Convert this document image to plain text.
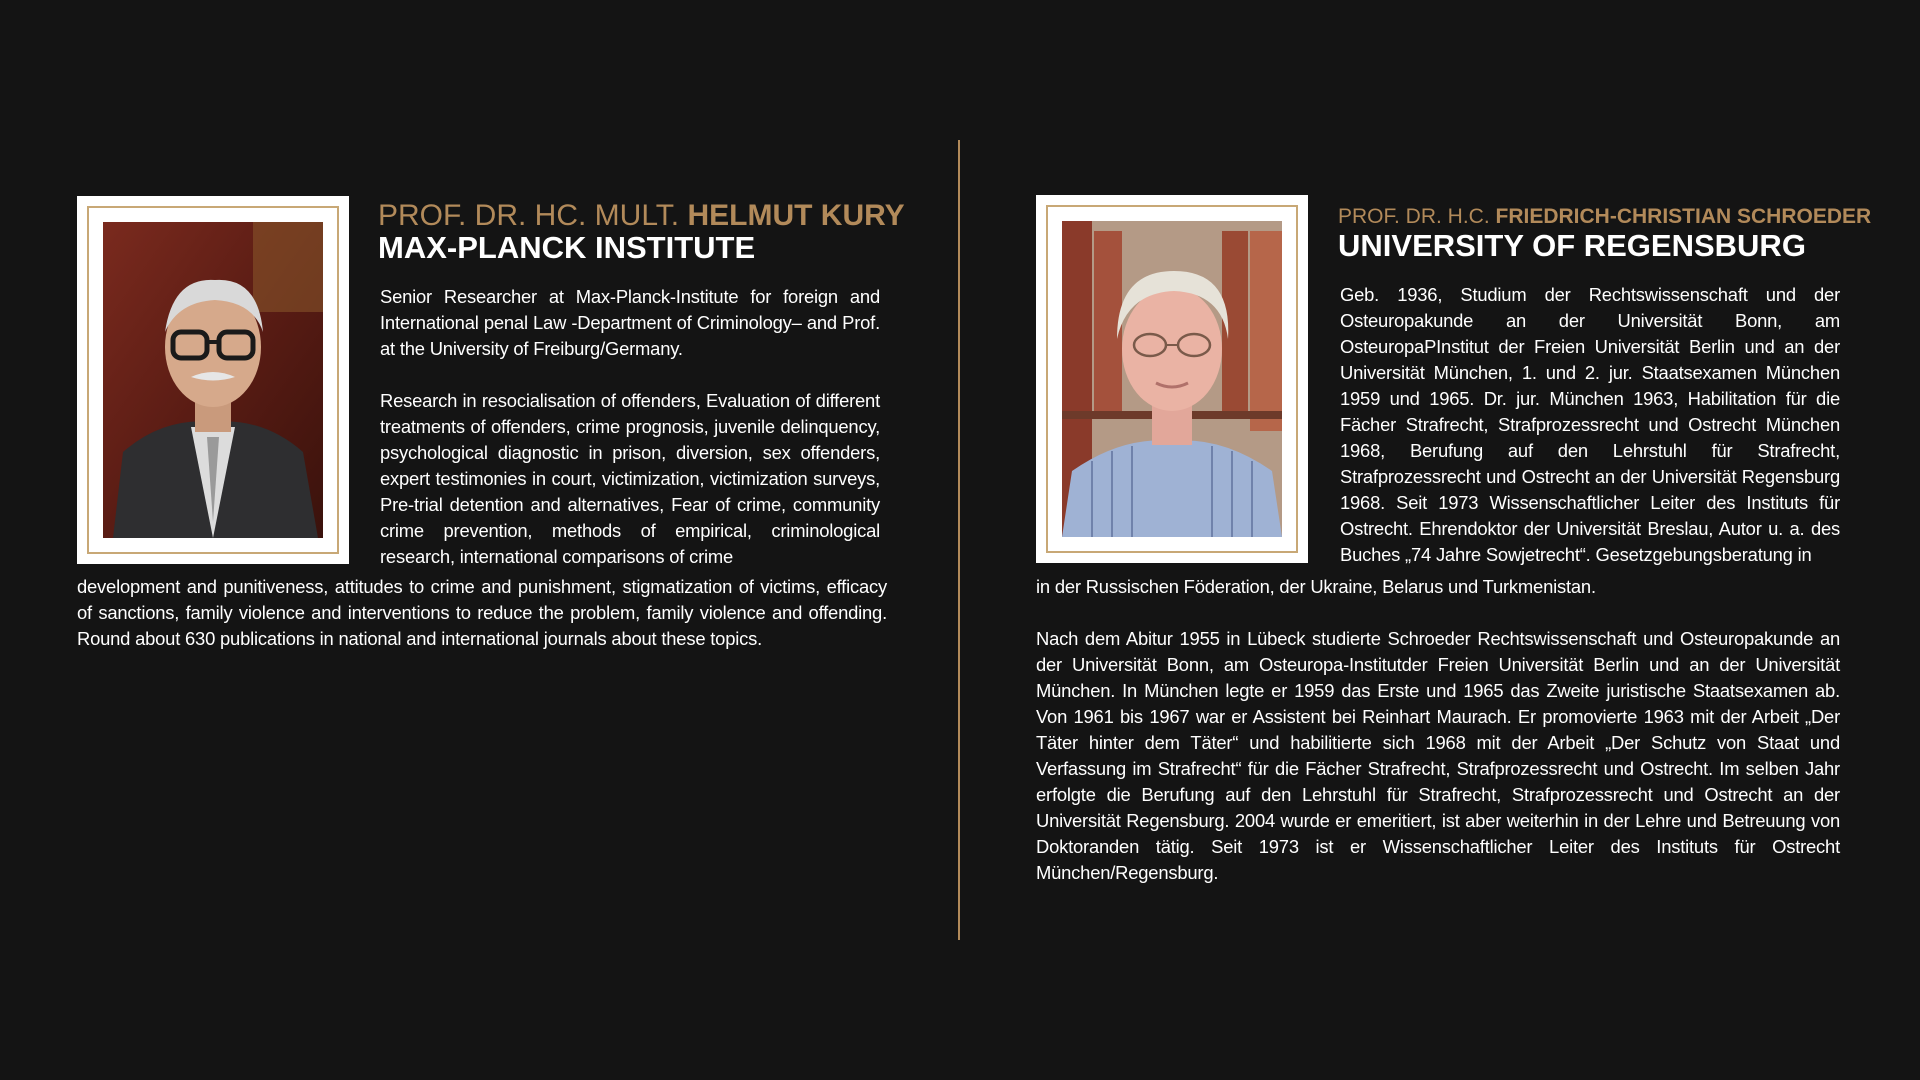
PROF. DR. HC. MULT. HELMUT KURY
MAX-PLANCK INSTITUTE

Senior Researcher at Max-Planck-Institute for foreign and International penal Law -Department of Criminology– and Prof. at the University of Freiburg/Germany.

Research in resocialisation of offenders, Evaluation of different treatments of offenders, crime prognosis, juvenile delinquency, psychological diagnostic in prison, diversion, sex offenders, expert testimonies in court, victimization, victimization surveys, Pre-trial detention and alternatives, Fear of crime, community crime prevention, methods of empirical, criminological research, international comparisons of crime

development and punitiveness, attitudes to crime and punishment, stigmatization of victims, efficacy of sanctions, family violence and interventions to reduce the problem, family violence and offending. Round about 630 publications in national and international journals about these topics.

PROF. DR. H.C. FRIEDRICH-CHRISTIAN SCHROEDER
UNIVERSITY OF REGENSBURG

Geb. 1936, Studium der Rechtswissenschaft und der Osteuropakunde an der Universität Bonn, am OsteuropaPInstitut der Freien Universität Berlin und an der Universität München, 1. und 2. jur. Staatsexamen München 1959 und 1965. Dr. jur. München 1963, Habilitation für die Fächer Strafrecht, Strafprozessrecht und Ostrecht München 1968, Berufung auf den Lehrstuhl für Strafrecht, Strafprozessrecht und Ostrecht an der Universität Regensburg 1968. Seit 1973 Wissenschaftlicher Leiter des Instituts für Ostrecht. Ehrendoktor der Universität Breslau, Autor u. a. des Buches „74 Jahre Sowjetrecht“. Gesetzgebungsberatung in

in der Russischen Föderation, der Ukraine, Belarus und Turkmenistan.

Nach dem Abitur 1955 in Lübeck studierte Schroeder Rechtswissenschaft und Osteuropakunde an der Universität Bonn, am Osteuropa-Institutder Freien Universität Berlin und an der Universität München. In München legte er 1959 das Erste und 1965 das Zweite juristische Staatsexamen ab. Von 1961 bis 1967 war er Assistent bei Reinhart Maurach. Er promovierte 1963 mit der Arbeit „Der Täter hinter dem Täter“ und habilitierte sich 1968 mit der Arbeit „Der Schutz von Staat und Verfassung im Strafrecht“ für die Fächer Strafrecht, Strafprozessrecht und Ostrecht. Im selben Jahr erfolgte die Berufung auf den Lehrstuhl für Strafrecht, Strafprozessrecht und Ostrecht an der Universität Regensburg. 2004 wurde er emeritiert, ist aber weiterhin in der Lehre und Betreuung von Doktoranden tätig. Seit 1973 ist er Wissenschaftlicher Leiter des Instituts für Ostrecht München/Regensburg.
